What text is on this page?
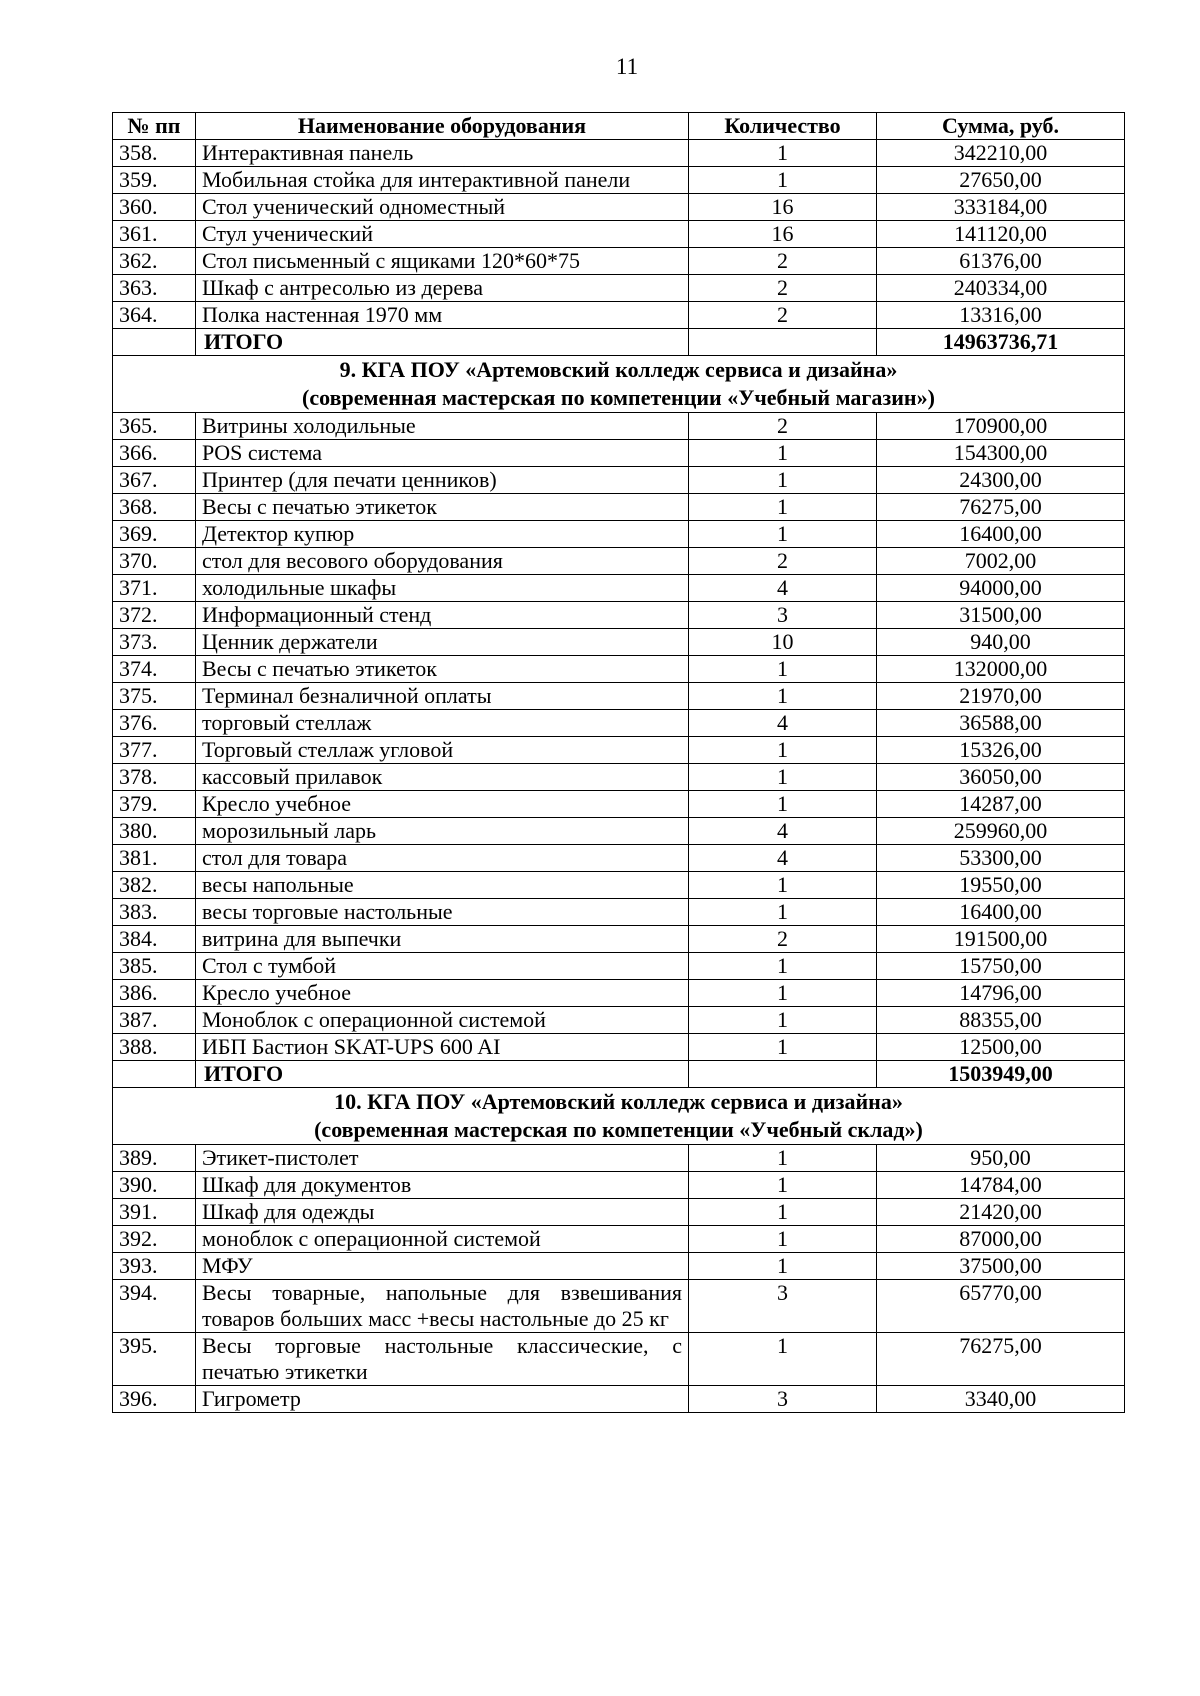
11
№ пп	Наименование оборудования	Количество	Сумма, руб.
358.	Интерактивная панель	1	342210,00
359.	Мобильная стойка для интерактивной панели	1	27650,00
360.	Стол ученический одноместный	16	333184,00
361.	Стул ученический	16	141120,00
362.	Стол письменный с ящиками 120*60*75	2	61376,00
363.	Шкаф с антресолью из дерева	2	240334,00
364.	Полка настенная 1970 мм	2	13316,00
	ИТОГО		14963736,71

9. КГА ПОУ «Артемовский колледж сервиса и дизайна»
(современная мастерская по компетенции «Учебный магазин»)			

365.	Витрины холодильные	2	170900,00
366.	POS система	1	154300,00
367.	Принтер (для печати ценников)	1	24300,00
368.	Весы с печатью этикеток	1	76275,00
369.	Детектор купюр	1	16400,00
370.	стол для весового оборудования	2	7002,00
371.	холодильные шкафы	4	94000,00
372.	Информационный стенд	3	31500,00
373.	Ценник держатели	10	940,00
374.	Весы с печатью этикеток	1	132000,00
375.	Терминал безналичной оплаты	1	21970,00
376.	торговый стеллаж	4	36588,00
377.	Торговый стеллаж угловой	1	15326,00
378.	кассовый прилавок	1	36050,00
379.	Кресло учебное	1	14287,00
380.	морозильный ларь	4	259960,00
381.	стол для товара	4	53300,00
382.	весы напольные	1	19550,00
383.	весы торговые настольные	1	16400,00
384.	витрина для выпечки	2	191500,00
385.	Стол с тумбой	1	15750,00
386.	Кресло учебное	1	14796,00
387.	Моноблок с операционной системой	1	88355,00
388.	ИБП Бастион SKAT-UPS 600 AI	1	12500,00
	ИТОГО		1503949,00

10. КГА ПОУ «Артемовский колледж сервиса и дизайна»
(современная мастерская по компетенции «Учебный склад»)			

389.	Этикет-пистолет	1	950,00
390.	Шкаф для документов	1	14784,00
391.	Шкаф для одежды	1	21420,00
392.	моноблок с операционной системой	1	87000,00
393.	МФУ	1	37500,00
394.	Весы товарные, напольные для взвешивания товаров больших масс +весы настольные до 25 кг	3	65770,00
395.	Весы торговые настольные классические, с печатью этикетки	1	76275,00
396.	Гигрометр	3	3340,00
